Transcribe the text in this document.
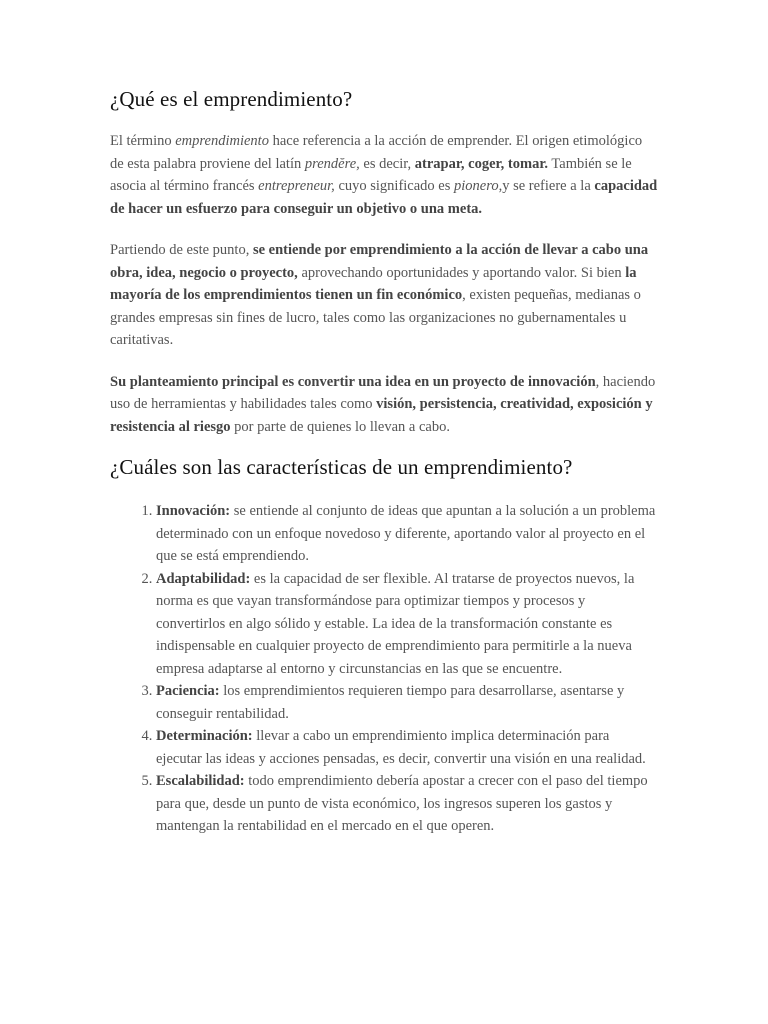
¿Qué es el emprendimiento?

El término emprendimiento hace referencia a la acción de emprender. El origen etimológico de esta palabra proviene del latín prendĕre, es decir, atrapar, coger, tomar. También se le asocia al término francés entrepreneur, cuyo significado es pionero,y se refiere a la capacidad de hacer un esfuerzo para conseguir un objetivo o una meta.

Partiendo de este punto, se entiende por emprendimiento a la acción de llevar a cabo una obra, idea, negocio o proyecto, aprovechando oportunidades y aportando valor. Si bien la mayoría de los emprendimientos tienen un fin económico, existen pequeñas, medianas o grandes empresas sin fines de lucro, tales como las organizaciones no gubernamentales u caritativas.

Su planteamiento principal es convertir una idea en un proyecto de innovación, haciendo uso de herramientas y habilidades tales como visión, persistencia, creatividad, exposición y resistencia al riesgo por parte de quienes lo llevan a cabo.

¿Cuáles son las características de un emprendimiento?
1. Innovación: se entiende al conjunto de ideas que apuntan a la solución a un problema determinado con un enfoque novedoso y diferente, aportando valor al proyecto en el que se está emprendiendo.
2. Adaptabilidad: es la capacidad de ser flexible. Al tratarse de proyectos nuevos, la norma es que vayan transformándose para optimizar tiempos y procesos y convertirlos en algo sólido y estable. La idea de la transformación constante es indispensable en cualquier proyecto de emprendimiento para permitirle a la nueva empresa adaptarse al entorno y circunstancias en las que se encuentre.
3. Paciencia: los emprendimientos requieren tiempo para desarrollarse, asentarse y conseguir rentabilidad.
4. Determinación: llevar a cabo un emprendimiento implica determinación para ejecutar las ideas y acciones pensadas, es decir, convertir una visión en una realidad.
5. Escalabilidad: todo emprendimiento debería apostar a crecer con el paso del tiempo para que, desde un punto de vista económico, los ingresos superen los gastos y mantengan la rentabilidad en el mercado en el que operen.
